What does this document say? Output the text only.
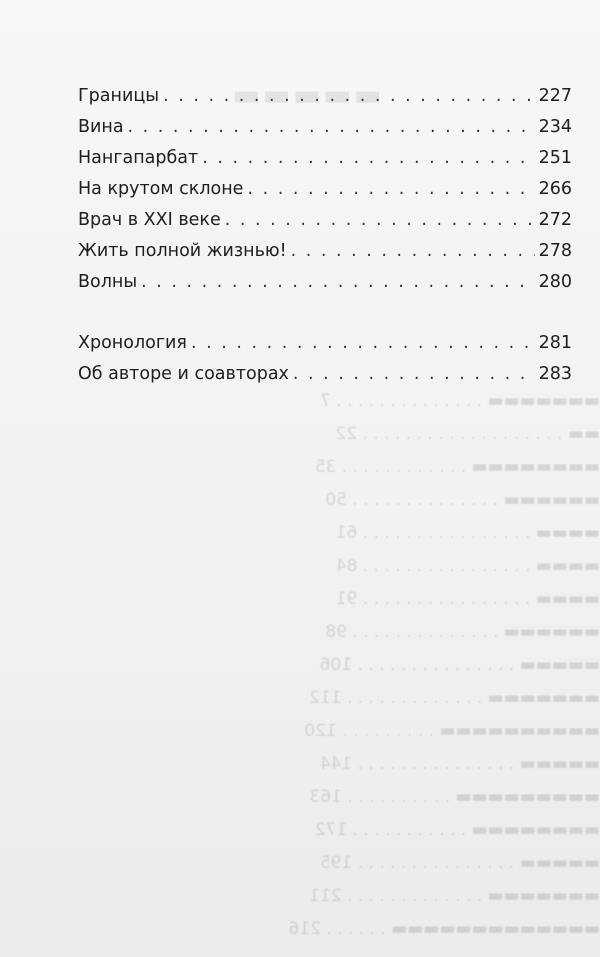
▬▬▬▬▬
▬▬▬▬▬▬▬ . . . . . . . . . . . . . . 7
▬▬ . . . . . . . . . . . . . . . . . . . 22
▬▬▬▬▬▬▬▬ . . . . . . . . . . . . 35
▬▬▬▬▬▬ . . . . . . . . . . . . . . 50
▬▬▬▬ . . . . . . . . . . . . . . . . 61
▬▬▬▬ . . . . . . . . . . . . . . . . 84
▬▬▬▬ . . . . . . . . . . . . . . . . 91
▬▬▬▬▬▬ . . . . . . . . . . . . . . 98
▬▬▬▬▬ . . . . . . . . . . . . . . . 106
▬▬▬▬▬▬▬ . . . . . . . . . . . . . 112
▬▬▬▬▬▬▬▬▬▬ . . . . . . . . . 120
▬▬▬▬▬ . . . . . . . . . . . . . . . 144
▬▬▬▬▬▬▬▬▬ . . . . . . . . . . 163
▬▬▬▬▬▬▬▬ . . . . . . . . . . . 172
▬▬▬▬▬ . . . . . . . . . . . . . . . 195
▬▬▬▬▬▬▬ . . . . . . . . . . . . . 211
▬▬▬▬▬▬▬▬▬▬▬▬▬ . . . . . . 216
Границы . . .	227
Вина . . .	234
Нангапарбат . . .	251
На крутом склоне . . .	266
Врач в XXI веке . . .	272
Жить полной жизнью! . . .	278
Волны . . .	280
Хронология . . .	281
Об авторе и соавторах . . .	283
